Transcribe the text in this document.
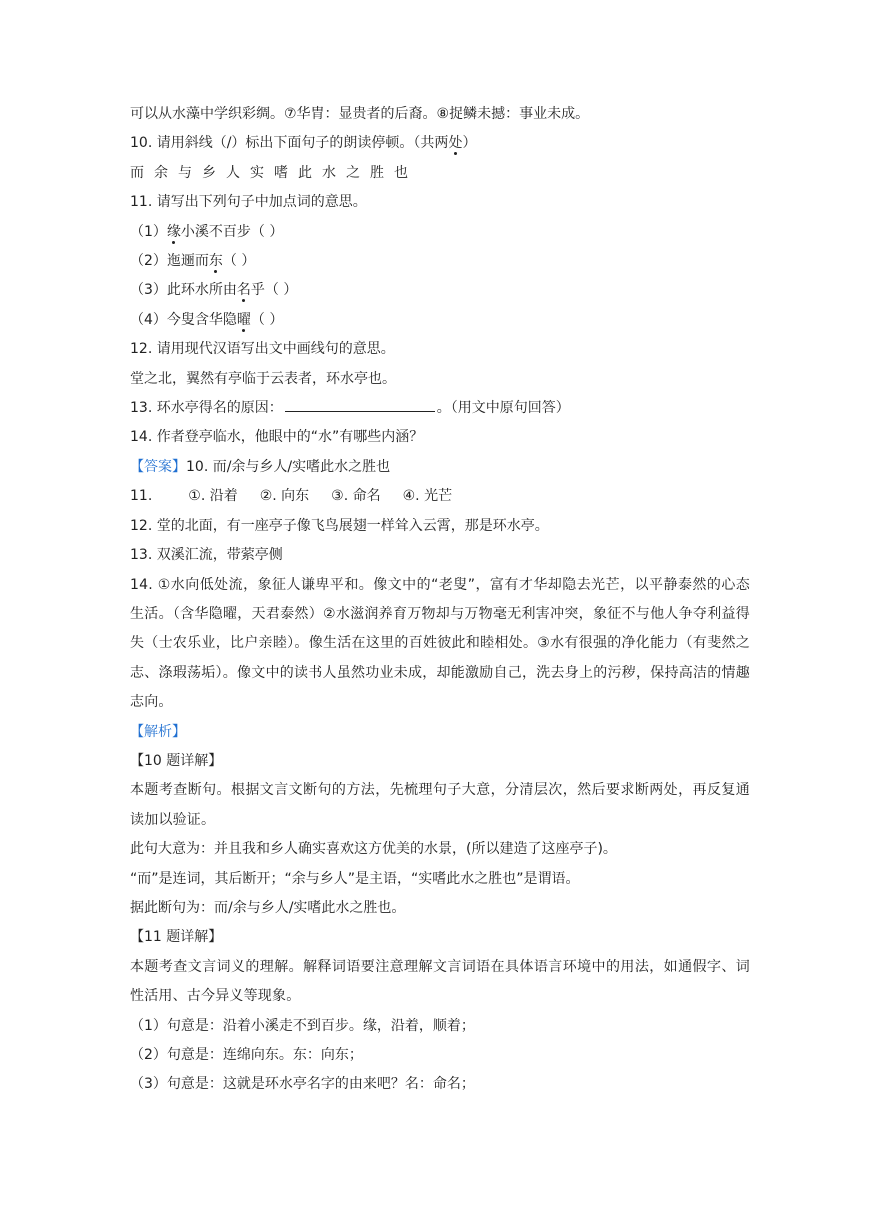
可以从水藻中学织彩绸。⑦华胄：显贵者的后裔。⑧捉鳞未撼：事业未成。
10. 请用斜线（/）标出下面句子的朗读停顿。（共两处）
而余与乡人实嗜此水之胜也
11. 请写出下列句子中加点词的意思。
（1）缘小溪不百步（ ）
（2）迤逦而东（ ）
（3）此环水所由名乎（ ）
（4）今叟含华隐曜（ ）
12. 请用现代汉语写出文中画线句的意思。
堂之北，翼然有亭临于云表者，环水亭也。
13. 环水亭得名的原因：	。（用文中原句回答）
14. 作者登亭临水，他眼中的“水”有哪些内涵？
【答案】10. 而/余与乡人/实嗜此水之胜也
11.	①. 沿着 ②. 向东 ③. 命名 ④. 光芒
12. 堂的北面，有一座亭子像飞鸟展翅一样耸入云霄，那是环水亭。
13. 双溪汇流，带萦亭侧
14. ①水向低处流，象征人谦卑平和。像文中的“老叟”，富有才华却隐去光芒，以平静泰然的心态生活。（含华隐曜，天君泰然）②水滋润养育万物却与万物毫无利害冲突，象征不与他人争夺利益得失（士农乐业，比户亲睦）。像生活在这里的百姓彼此和睦相处。③水有很强的净化能力（有斐然之志、涤瑕荡垢）。像文中的读书人虽然功业未成，却能激励自己，洗去身上的污秽，保持高洁的情趣志向。
【解析】
【10 题详解】
本题考查断句。根据文言文断句的方法，先梳理句子大意，分清层次，然后要求断两处，再反复通读加以验证。
此句大意为：并且我和乡人确实喜欢这方优美的水景，(所以建造了这座亭子)。
“而”是连词，其后断开；“余与乡人”是主语，“实嗜此水之胜也”是谓语。
据此断句为：而/余与乡人/实嗜此水之胜也。
【11 题详解】
本题考查文言词义的理解。解释词语要注意理解文言词语在具体语言环境中的用法，如通假字、词性活用、古今异义等现象。
（1）句意是：沿着小溪走不到百步。缘，沿着，顺着；
（2）句意是：连绵向东。东：向东；
（3）句意是：这就是环水亭名字的由来吧？名：命名；
